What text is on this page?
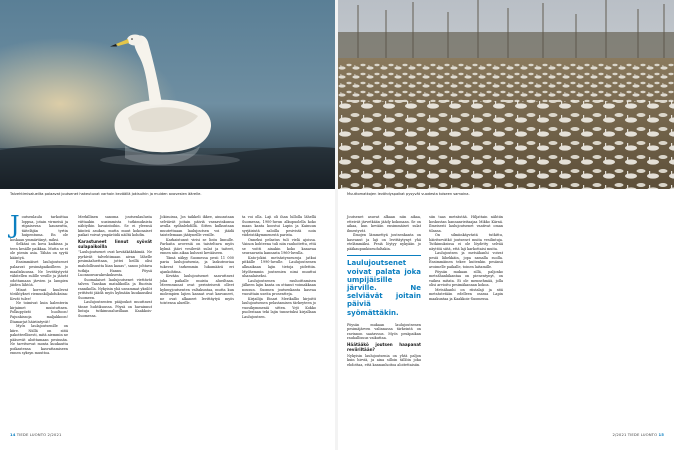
Talvehtimisalueilta palaavat joutsenet hakeutuvat varhain keväällä jokisuihin ja muiden avovesien äärelle.	Muuttomatkojen levähdyspaikat pysyvät vuodesta toiseen samoina.

Joutsenlaulu tarkoittaa loppua, jotain virmeisä ja riipaisevaa kauneutta, täiteläjän tyrtin huipentuma. En ole koskaan ymmärtänyt, miksi.

Selkäni on kova kaikissa ja teen kesälle paikkaa. Mutta se ei ole pienin asia. Tähän on syytä kääntyä.

Ensimmäiset laulujoutsenet palaavat pesimäpaikoilleen jo maaliskuussa. Ne levittäytyvät vähitellen sulille vesille ja jäävät odottamaan järvien ja lampien jäiden lähtöä.

Minut korvani kuulevat törähtykset riemunkiljahduksina: Kevät tulee!

Ne toimivat kuin kalenterin kirjaimet muistuttaen. Polkupyörät huoltoon! Pajunkissoja maljakkoon! Iltamarjat häiriintyvät!

Myös laulajoutsenille on kiire. Niillä on siitä pakotteellisesti, mitä aiemmin ne pääsevät aloittamaan pesinnän. Ne tarvitsevat monta kuukautta poikastensa kasvattamiseen ennen syksyn muuttoa.

Merkillinen sanoma joutsenlaulusta viittaakin uusimmista tutkimuksista nähtyihin havaintoihin. Se ei yleensä kiinteä asukas, mutta muut kokonaiset paikat voivat ympäröidä näiltä kohdin.

Karastuneet linnut syövät sulapaikoilla

”Laulujoutsenet ovat kevääkäkäkimiä. Ne pyrkivät talvehtimaan aivan lähelle pesimäaluettaan, jottei heillä olisi mahdollisuutta liian kauas”, sanoo johtava tutkija Hannu Pöysä Luonnonvarakeskuksesta.

Suomalaiset laulujoutsenet viettävät talven Tanskan matalikoilla ja Ruotsin rannikolla. Nykyisin yhä useammat yksilöt yrittävät jäädä myös kylmään kuukausiksi Suomeen.

Laulujoutsenten pääjoukot muuttavat tänne huhtikuussa. Pöysä on havainnut lintuja tutkimusalueillaan Kaakkois-Suomessa.

Jokisuissa, Jos taikkeli ikkee, ainoastaan selviävät joitain päiviä varaavinkunsa avulla sydänlehdillä. Sitten kulkustaan muutettuaan laulujoutsen voi jäädä taistelemaan jäätyneille vesille.

Karkaistunut virisi se lintu linnulle. Parhaita avovesiä on taisteltava myös kylmä jäävi vesilevät sulat ja taiteet, ennen niin aikaa kuluvat kevääseen.

Tämä näkyy Suomessa pesii 11 000 paria laulujoutsenia, ja laskuteoriaa tukevat tarkemmin lukumäärä eri ajankohtina.

Kevään laulujoutsenet saavuttavat joka paikalle muista alueiltaan. Merenrannat ovat perinteisesti olleet kyhmyjoutsenten valtakuntaa, mutta kun molempien lajien kannat ovat kasvaneet, ne ovat alkaneet levittäytyä myös toistensa alueille.

ta voi olla. Laji oli ihan hillolla lähellä Suomessa, 1900-luvun alkupuolella koko maan kanta koostui Lapin ja Kainuun syrjäisistä saloilla pesivistä noin viideistäkymmenestä parista.

Onneksi pelastus tuli vielä ajoissa. Vainon kohteena tuli niin rauhoitettu, että se voitti ainakin koko kanavaa seuraavasta kannasta 1960-luvulla.

Kato-jokisi metsästysseuroja jatkui pitkälle 1990-luvulle. Laulujoutsenen alkuaikaan lajin tietoja pidettiin. Myöhemmin joutsenien nimi muuttui uhanalaiseksi.

Laulujoutsenen rauhoittamisen jälkeen lajin kanta on ottanut voimakkaan nousun. Suomen joutsenkanta kasvaa vuosittain useita prosentteja.

Kirjailija Einari Merikallio kirjoitti laulujoutsenen pelastamisen tärkeyteen jo vuosikymmeniä sitten. Yrjö Kokko puolestaan teki lajin tunnetuksi kirjallaan Laulujoutsen.

Joutsenet asuvat alkaan niin aikaa, etteivät järvetkään jäädy kokonaan. Se on aikaa, kun kevään ensimmäiset sulat ilmestyvät.

Ilmojen lämmettyä joutsenkanta on kasvanut ja laji on levittäytynyt yhä etelämmäksi. Pesiä löytyy nykyään jo pääkaupunkiseudultakin.

Laulujoutsenet voivat palata joka umpijäisille järville. Ne selviävät joitain päiviä syömättäkin.

Pöysän mukaan laulujoutsenen pesimäjärven valinnassa tärkeintä on ravinnon saatavuus. Myös pesäpaikan rauhallisuus vaikuttaa.

Häätääkö joutsen haapanat reviiriltään?

Nykyisin laulujoutsenia on yhtä paljon kuin hirviä, ja aina silloin tällöin joku ehdottaa, että kannanhoitoa aloitettaisiin.

siin taas metsästää. Hiljattain nähtiin koskustan kannanrieitaajaa Mikko Kärnä. Ilmeisesti laulujoutsenet vaativat oman tilansa.

On silmiinkäyvästä tutkittu, häiritsevätkö joutsenet muita vesilintuja. Tutkimuksissa ei ole löydetty selvää näyttöä siitä, että laji karkottaisi muita.

Laulujoutsen ja metsähanhi voivat pesiä lähekkäin, jopa samalla suolla. Ensimmäinen tekee kuitenkin pesänsä avoimelle paikalle, toinen laitamille.

Pöysän mukaan sillä, paljonko metsähanhikantaa on pienentynyt, on vaikea mitata. Ei ole mennehmää, jolla olisi arvioitu pesimäkannan kokoa.

Metsähanhi on riistalaji ja sitä metsästetään edelleen osassa Lapin maakuntaa ja Kaakkois-Suomessa.

14 TIEDE LUONTO 2/2021	2/2021 TIEDE LUONTO 15
